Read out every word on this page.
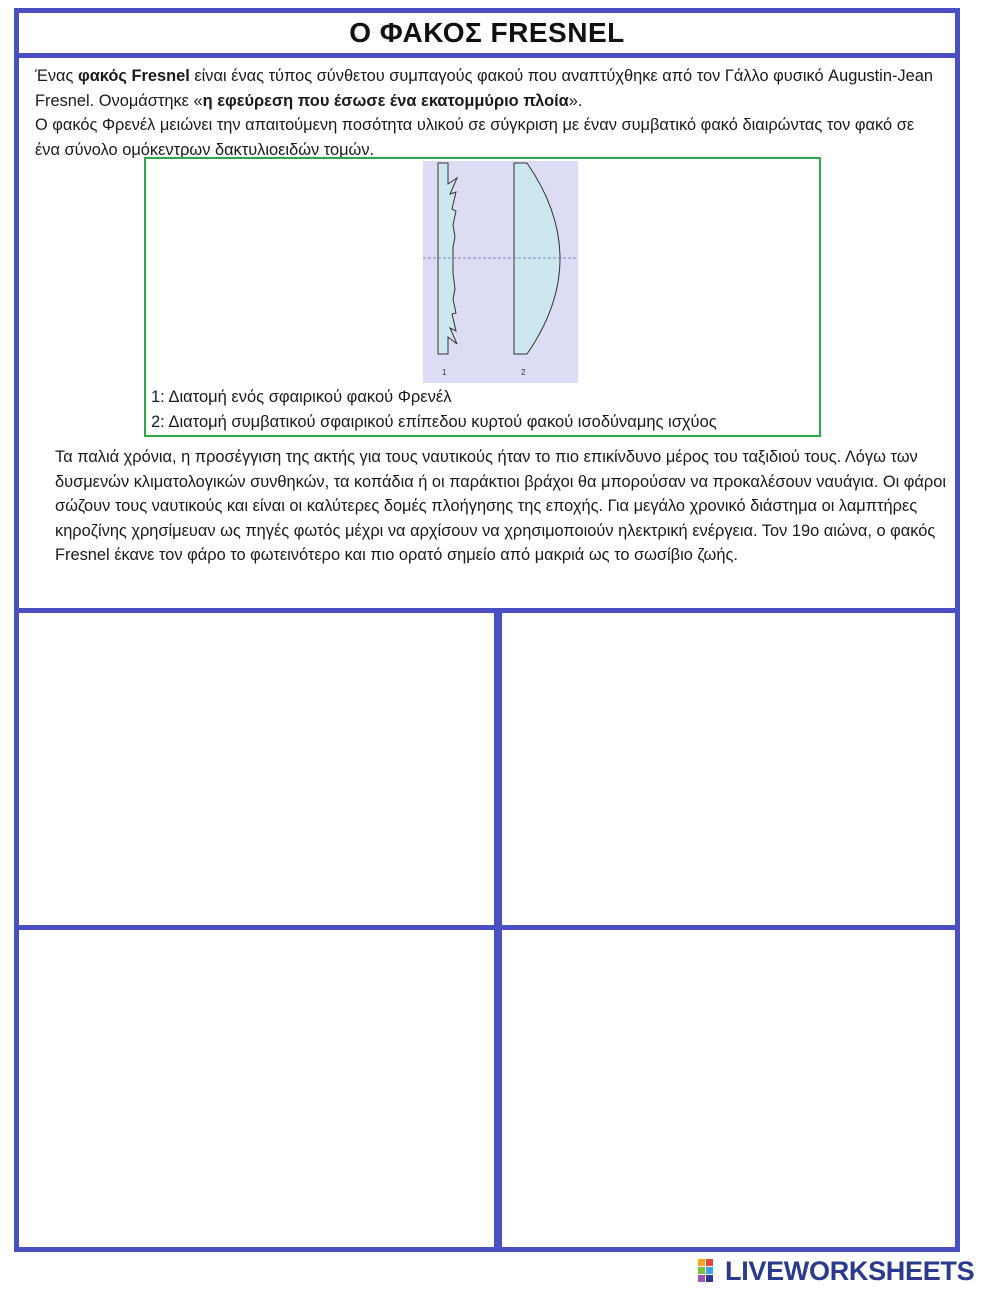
Ο ΦΑΚΟΣ FRESNEL

Ένας φακός Fresnel είναι ένας τύπος σύνθετου συμπαγούς φακού που αναπτύχθηκε από τον Γάλλο φυσικό Augustin-Jean Fresnel. Ονομάστηκε «η εφεύρεση που έσωσε ένα εκατομμύριο πλοία».
Ο φακός Φρενέλ μειώνει την απαιτούμενη ποσότητα υλικού σε σύγκριση με έναν συμβατικό φακό διαιρώντας τον φακό σε ένα σύνολο ομόκεντρων δακτυλιοειδών τομών.

1	2
1: Διατομή ενός σφαιρικού φακού Φρενέλ
2: Διατομή συμβατικού σφαιρικού επίπεδου κυρτού φακού ισοδύναμης ισχύος

Τα παλιά χρόνια, η προσέγγιση της ακτής για τους ναυτικούς ήταν το πιο επικίνδυνο μέρος του ταξιδιού τους. Λόγω των δυσμενών κλιματολογικών συνθηκών, τα κοπάδια ή οι παράκτιοι βράχοι θα μπορούσαν να προκαλέσουν ναυάγια. Οι φάροι σώζουν τους ναυτικούς και είναι οι καλύτερες δομές πλοήγησης της εποχής. Για μεγάλο χρονικό διάστημα οι λαμπτήρες κηροζίνης χρησίμευαν ως πηγές φωτός μέχρι να αρχίσουν να χρησιμοποιούν ηλεκτρική ενέργεια. Τον 19ο αιώνα, ο φακός Fresnel έκανε τον φάρο το φωτεινότερο και πιο ορατό σημείο από μακριά ως το σωσίβιο ζωής.

LIVEWORKSHEETS
